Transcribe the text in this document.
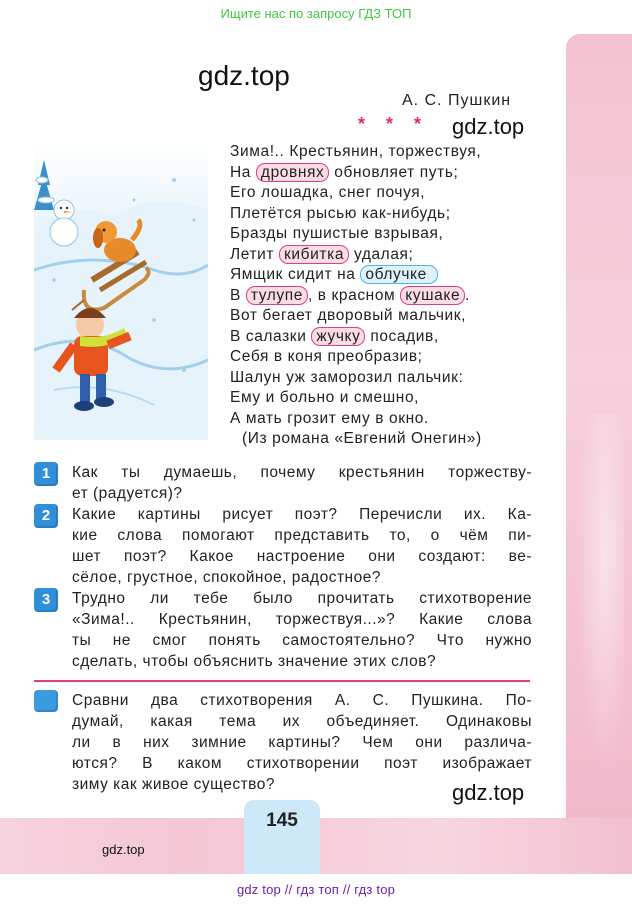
Ищите нас по запросу ГДЗ ТОП
gdz.top
А. С. Пушкин
* * * gdz.top
Зима!.. Крестьянин, торжествуя,
На дровнях обновляет путь;
Его лошадка, снег почуя,
Плетётся рысью как-нибудь;
Бразды пушистые взрывая,
Летит кибитка удалая;
Ямщик сидит на облучке
В тулупе , в красном кушаке .
Вот бегает дворовый мальчик,
В салазки жучку посадив,
Себя в коня преобразив;
Шалун уж заморозил пальчик:
Ему и больно и смешно,
А мать грозит ему в окно.
(Из романа «Евгений Онегин»)
1	Как ты думаешь, почему крестьянин торжеству-
ет (радуется)?
2	Какие картины рисует поэт? Перечисли их. Ка-
кие слова помогают представить то, о чём пи-
шет поэт? Какое настроение они создают: ве-
сёлое, грустное, спокойное, радостное?
3	Трудно ли тебе было прочитать стихотворение
«Зима!.. Крестьянин, торжествуя...»? Какие слова
ты не смог понять самостоятельно? Что нужно
сделать, чтобы объяснить значение этих слов?
Сравни два стихотворения А. С. Пушкина. По-
думай, какая тема их объединяет. Одинаковы
ли в них зимние картины? Чем они различа-
ются? В каком стихотворении поэт изображает
зиму как живое существо?	gdz.top
145
gdz.top
gdz top // гдз топ // гдз top
